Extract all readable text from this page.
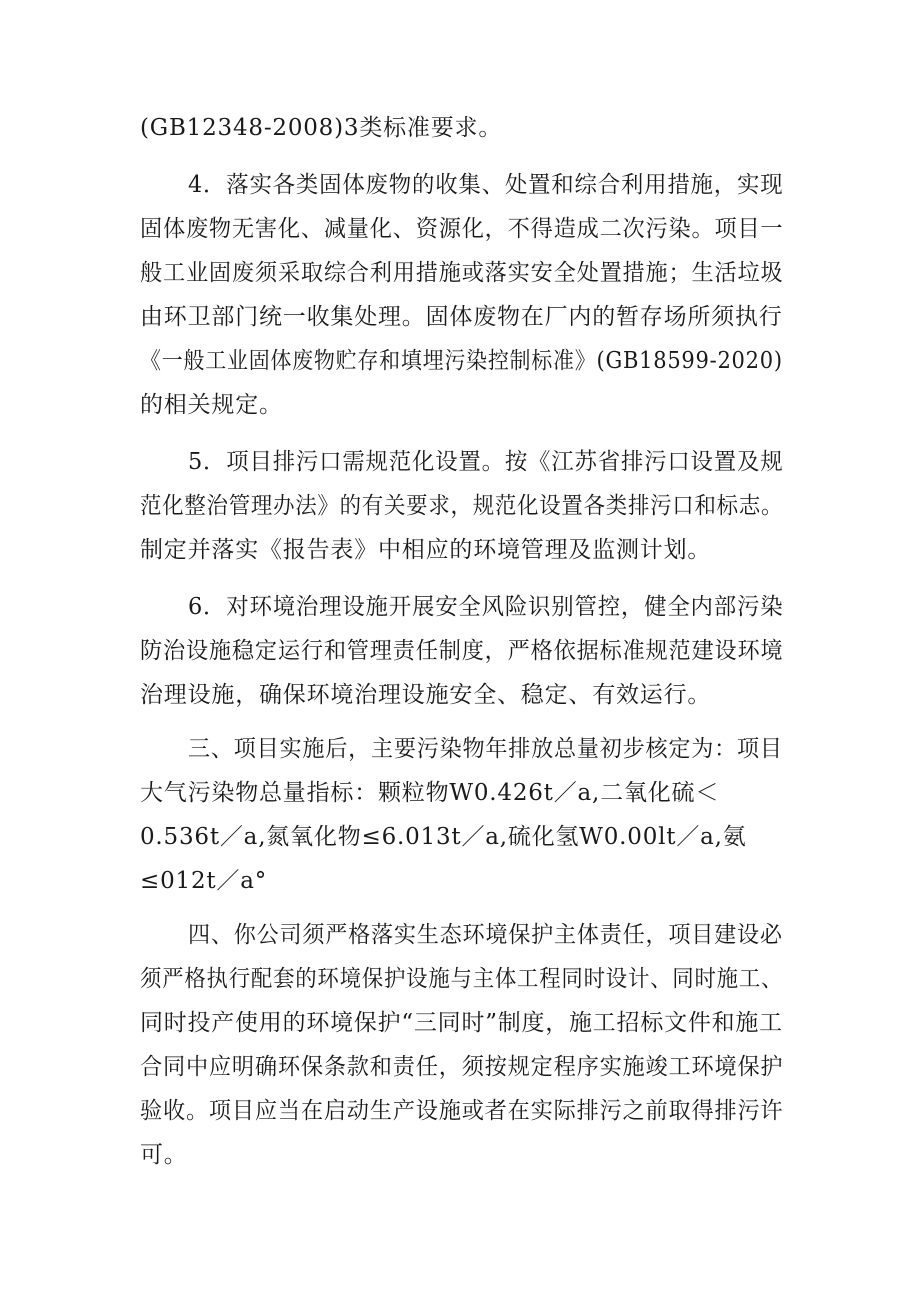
(GB12348-2008)3类标准要求。
4．落实各类固体废物的收集、处置和综合利用措施，实现
固体废物无害化、减量化、资源化，不得造成二次污染。项目一
般工业固废须采取综合利用措施或落实安全处置措施；生活垃圾
由环卫部门统一收集处理。固体废物在厂内的暂存场所须执行
《一般工业固体废物贮存和填埋污染控制标准》(GB18599-2020)
的相关规定。
5．项目排污口需规范化设置。按《江苏省排污口设置及规
范化整治管理办法》的有关要求，规范化设置各类排污口和标志。
制定并落实《报告表》中相应的环境管理及监测计划。
6．对环境治理设施开展安全风险识别管控，健全内部污染
防治设施稳定运行和管理责任制度，严格依据标准规范建设环境
治理设施，确保环境治理设施安全、稳定、有效运行。
三、项目实施后，主要污染物年排放总量初步核定为：项目
大气污染物总量指标：颗粒物W0.426t／a,二氧化硫＜
0.536t／a,氮氧化物≤6.013t／a,硫化氢W0.00lt／a,氨
≤012t／a°
四、你公司须严格落实生态环境保护主体责任，项目建设必
须严格执行配套的环境保护设施与主体工程同时设计、同时施工、
同时投产使用的环境保护“三同时”制度，施工招标文件和施工
合同中应明确环保条款和责任，须按规定程序实施竣工环境保护
验收。项目应当在启动生产设施或者在实际排污之前取得排污许
可。
